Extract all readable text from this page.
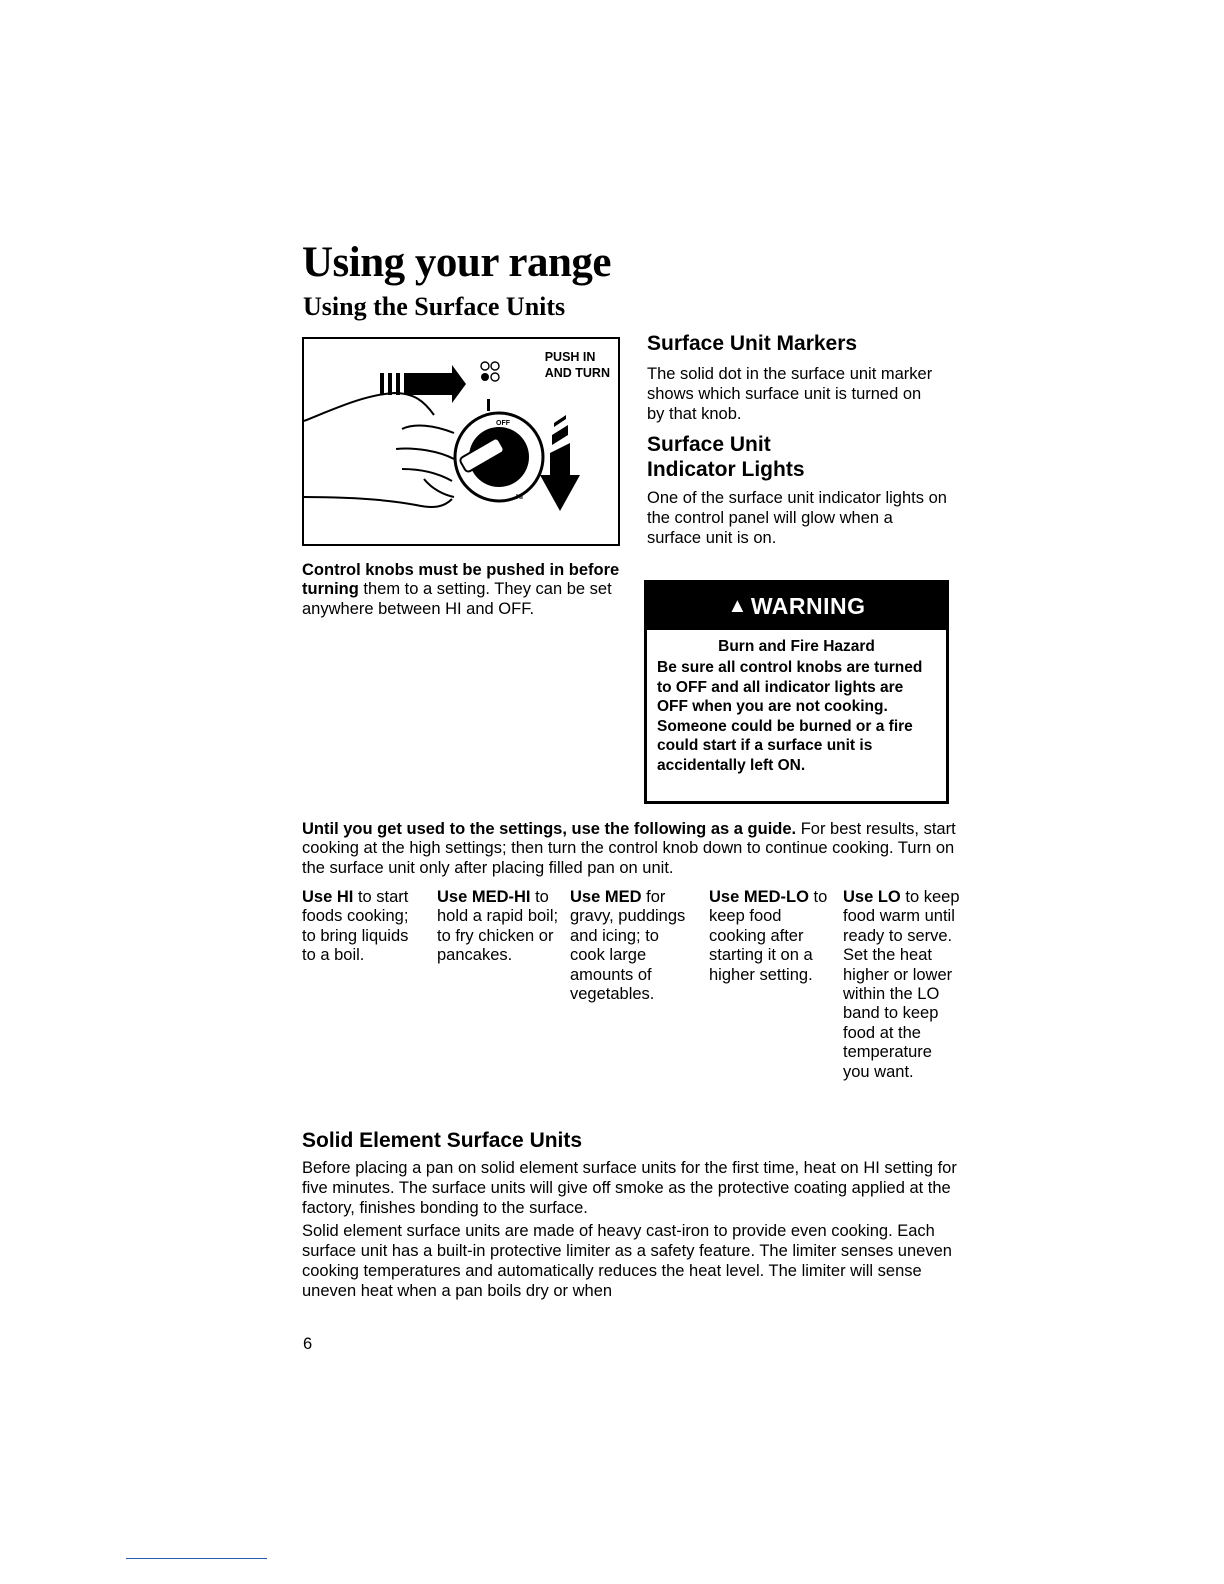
Using your range
Using the Surface Units
OFF
HI
PUSH IN
AND TURN
Control knobs must be pushed in before turning them to a setting. They can be set anywhere between HI and OFF.
Surface Unit Markers
The solid dot in the surface unit marker shows which surface unit is turned on by that knob.
Surface Unit
Indicator Lights
One of the surface unit indicator lights on the control panel will glow when a surface unit is on.
▲ WARNING
Burn and Fire Hazard
Be sure all control knobs are turned to OFF and all indicator lights are OFF when you are not cooking. Someone could be burned or a fire could start if a surface unit is accidentally left ON.
Until you get used to the settings, use the following as a guide. For best results, start cooking at the high settings; then turn the control knob down to continue cooking. Turn on the surface unit only after placing filled pan on unit.
Use HI to start foods cooking; to bring liquids to a boil.
Use MED-HI to hold a rapid boil; to fry chicken or pancakes.
Use MED for gravy, puddings and icing; to cook large amounts of vegetables.
Use MED-LO to keep food cooking after starting it on a higher setting.
Use LO to keep food warm until ready to serve. Set the heat higher or lower within the LO band to keep food at the temperature you want.
Solid Element Surface Units
Before placing a pan on solid element surface units for the first time, heat on HI setting for five minutes. The surface units will give off smoke as the protective coating applied at the factory, finishes bonding to the surface.
Solid element surface units are made of heavy cast-iron to provide even cooking. Each surface unit has a built-in protective limiter as a safety feature. The limiter senses uneven cooking temperatures and automatically reduces the heat level. The limiter will sense uneven heat when a pan boils dry or when
6
